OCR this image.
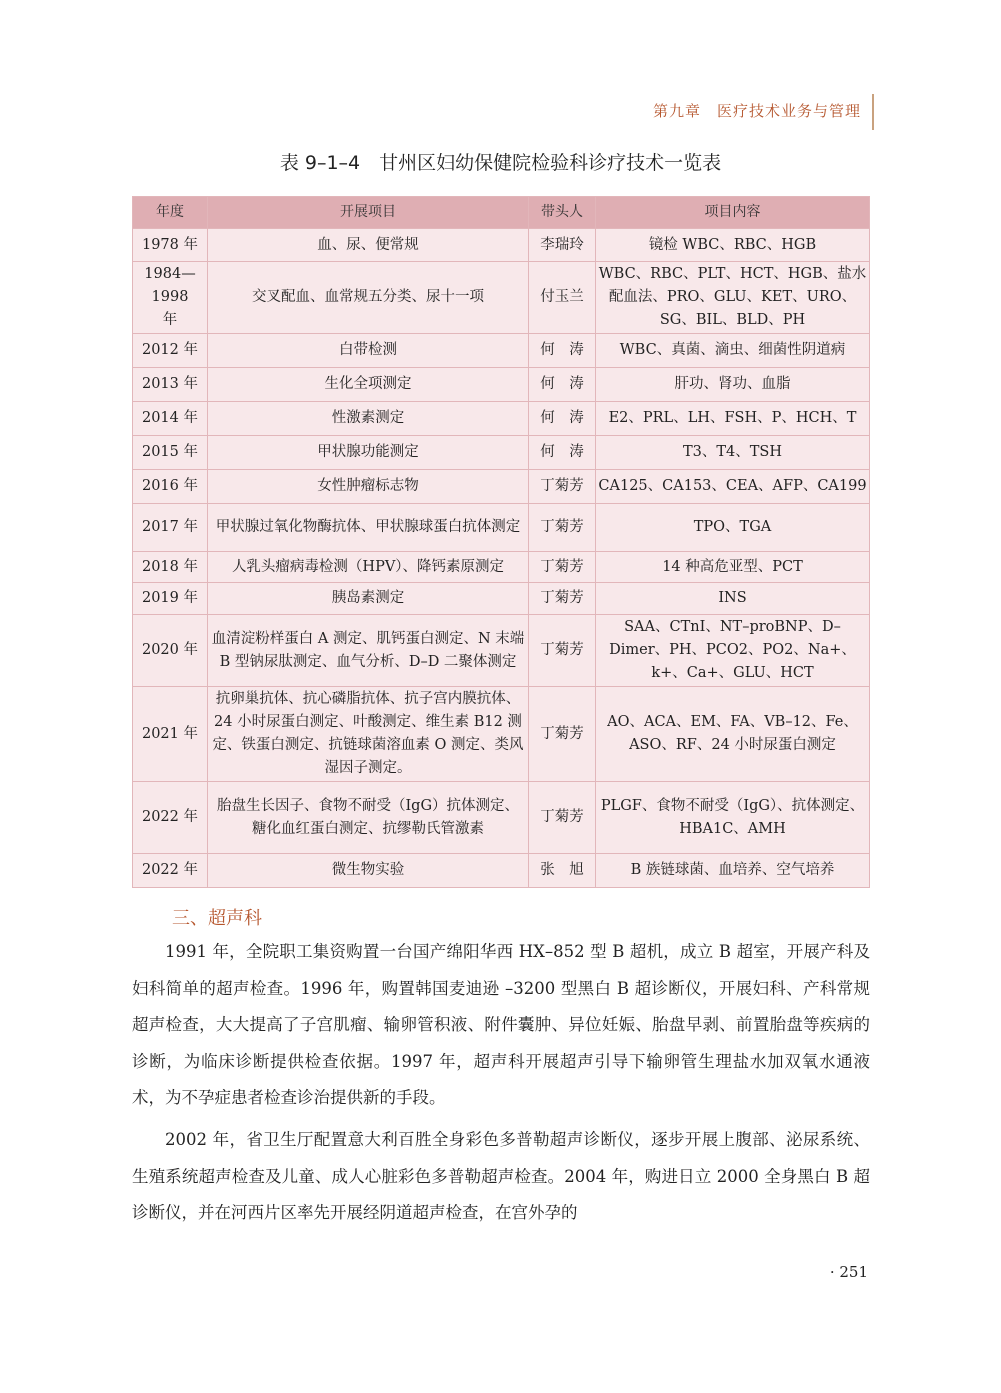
第九章　医疗技术业务与管理
表 9–1–4　甘州区妇幼保健院检验科诊疗技术一览表
年度	开展项目	带头人	项目内容
1978 年	血、尿、便常规	李瑞玲	镜检 WBC、RBC、HGB
1984—1998 年	交叉配血、血常规五分类、尿十一项	付玉兰	WBC、RBC、PLT、HCT、HGB、盐水配血法、PRO、GLU、KET、URO、SG、BIL、BLD、PH
2012 年	白带检测	何　涛	WBC、真菌、滴虫、细菌性阴道病
2013 年	生化全项测定	何　涛	肝功、肾功、血脂
2014 年	性激素测定	何　涛	E2、PRL、LH、FSH、P、HCH、T
2015 年	甲状腺功能测定	何　涛	T3、T4、TSH
2016 年	女性肿瘤标志物	丁菊芳	CA125、CA153、CEA、AFP、CA199
2017 年	甲状腺过氧化物酶抗体、甲状腺球蛋白抗体测定	丁菊芳	TPO、TGA
2018 年	人乳头瘤病毒检测（HPV）、降钙素原测定	丁菊芳	14 种高危亚型、PCT
2019 年	胰岛素测定	丁菊芳	INS
2020 年	血清淀粉样蛋白 A 测定、肌钙蛋白测定、N 末端 B 型钠尿肽测定、血气分析、D–D 二聚体测定	丁菊芳	SAA、CTnI、NT–proBNP、D–Dimer、PH、PCO2、PO2、Na+、k+、Ca+、GLU、HCT
2021 年	抗卵巢抗体、抗心磷脂抗体、抗子宫内膜抗体、24 小时尿蛋白测定、叶酸测定、维生素 B12 测定、铁蛋白测定、抗链球菌溶血素 O 测定、类风湿因子测定。	丁菊芳	AO、ACA、EM、FA、VB–12、Fe、ASO、RF、24 小时尿蛋白测定
2022 年	胎盘生长因子、食物不耐受（IgG）抗体测定、糖化血红蛋白测定、抗缪勒氏管激素	丁菊芳	PLGF、食物不耐受（IgG）、抗体测定、HBA1C、AMH
2022 年	微生物实验	张　旭	B 族链球菌、血培养、空气培养
三、超声科

1991 年，全院职工集资购置一台国产绵阳华西 HX–852 型 B 超机，成立 B 超室，开展产科及妇科简单的超声检查。1996 年，购置韩国麦迪逊 –3200 型黑白 B 超诊断仪，开展妇科、产科常规超声检查，大大提高了子宫肌瘤、输卵管积液、附件囊肿、异位妊娠、胎盘早剥、前置胎盘等疾病的诊断，为临床诊断提供检查依据。1997 年，超声科开展超声引导下输卵管生理盐水加双氧水通液术，为不孕症患者检查诊治提供新的手段。

2002 年，省卫生厅配置意大利百胜全身彩色多普勒超声诊断仪，逐步开展上腹部、泌尿系统、生殖系统超声检查及儿童、成人心脏彩色多普勒超声检查。2004 年，购进日立 2000 全身黑白 B 超诊断仪，并在河西片区率先开展经阴道超声检查，在宫外孕的

· 251
